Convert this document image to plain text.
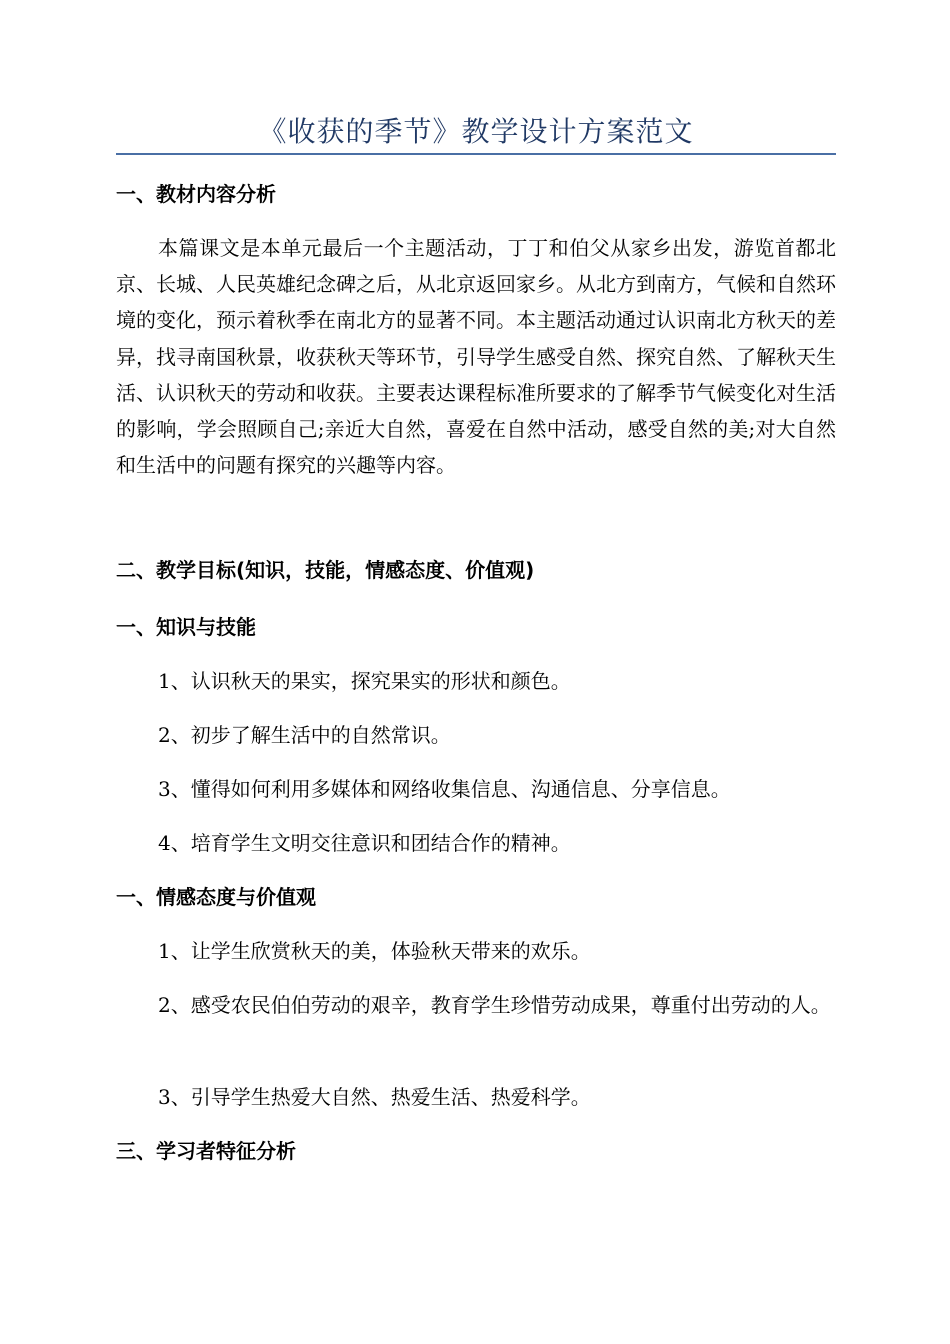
《收获的季节》教学设计方案范文
一、教材内容分析
本篇课文是本单元最后一个主题活动，丁丁和伯父从家乡出发，游览首都北京、长城、人民英雄纪念碑之后，从北京返回家乡。从北方到南方，气候和自然环境的变化，预示着秋季在南北方的显著不同。本主题活动通过认识南北方秋天的差异，找寻南国秋景，收获秋天等环节，引导学生感受自然、探究自然、了解秋天生活、认识秋天的劳动和收获。主要表达课程标准所要求的了解季节气候变化对生活的影响，学会照顾自己;亲近大自然，喜爱在自然中活动，感受自然的美;对大自然和生活中的问题有探究的兴趣等内容。
二、教学目标(知识，技能，情感态度、价值观)
一、知识与技能
1、认识秋天的果实，探究果实的形状和颜色。
2、初步了解生活中的自然常识。
3、懂得如何利用多媒体和网络收集信息、沟通信息、分享信息。
4、培育学生文明交往意识和团结合作的精神。
一、情感态度与价值观
1、让学生欣赏秋天的美，体验秋天带来的欢乐。
2、感受农民伯伯劳动的艰辛，教育学生珍惜劳动成果，尊重付出劳动的人。
3、引导学生热爱大自然、热爱生活、热爱科学。
三、学习者特征分析
